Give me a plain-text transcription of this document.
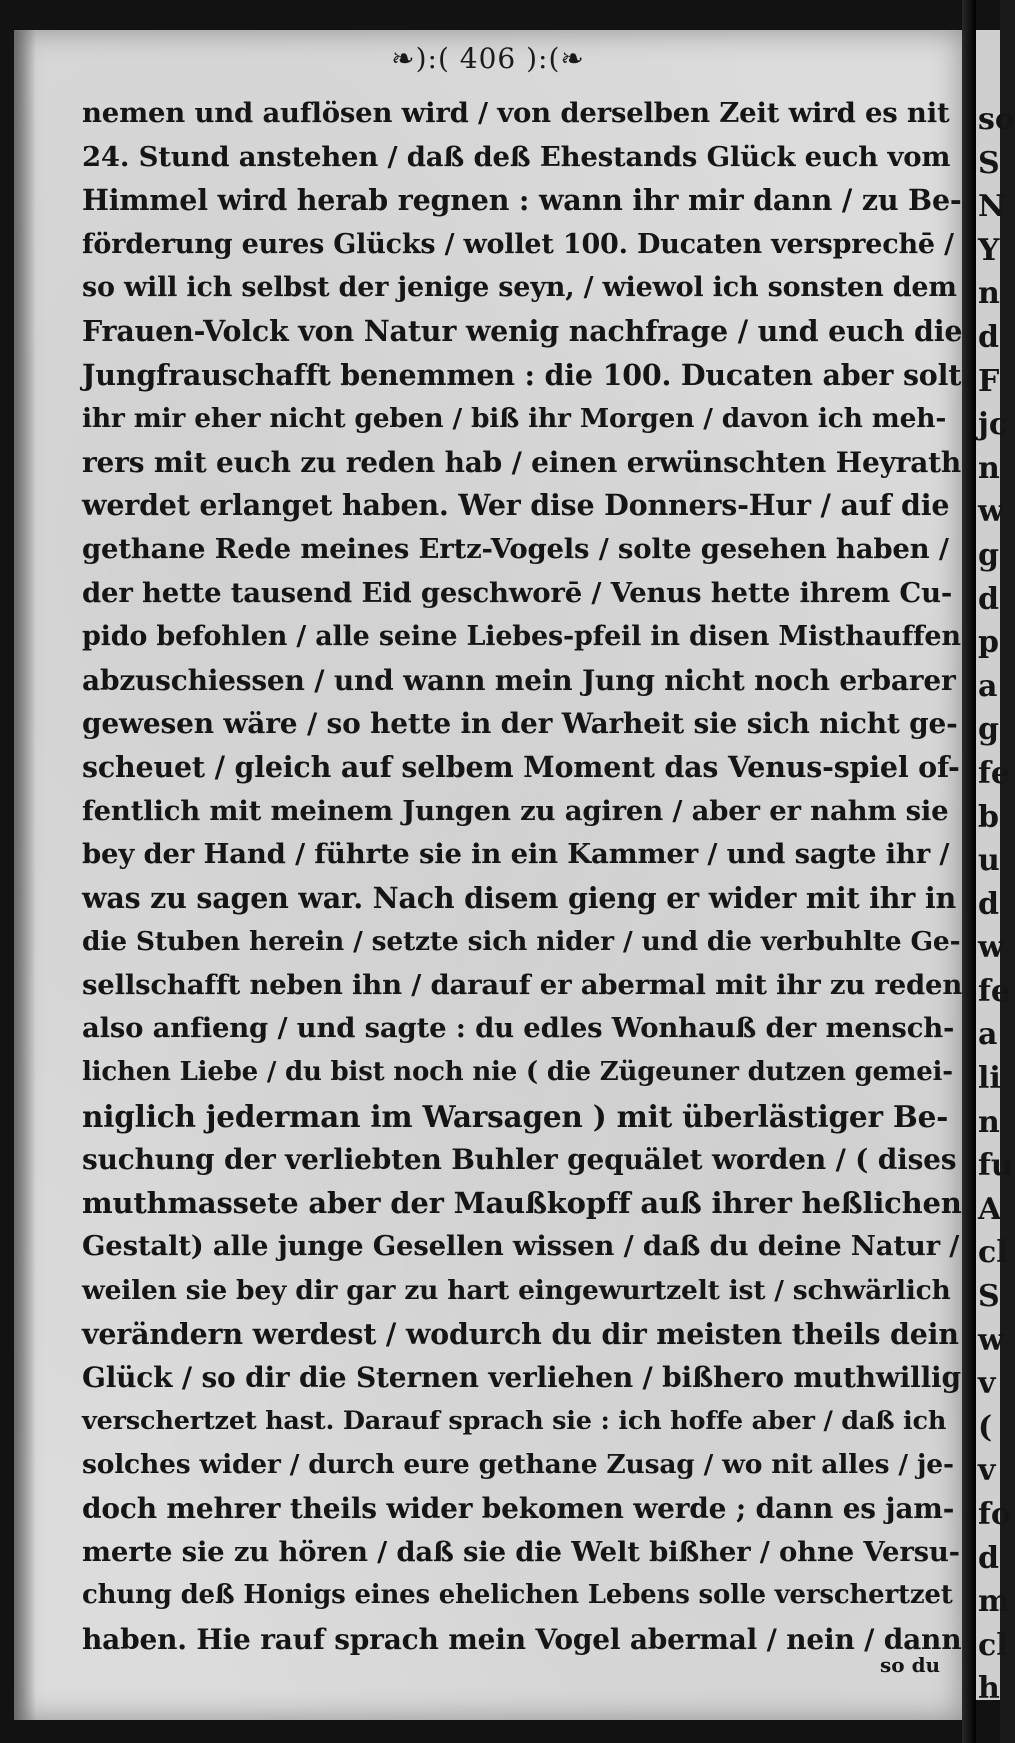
❧):( 406 ):(❧
nemen und auflösen wird / von derselben Zeit wird es nit
24. Stund anstehen / daß deß Ehestands Glück euch vom
Himmel wird herab regnen : wann ihr mir dann / zu Be-
förderung eures Glücks / wollet 100. Ducaten versprechē /
so will ich selbst der jenige seyn, / wiewol ich sonsten dem
Frauen-Volck von Natur wenig nachfrage / und euch die
Jungfrauschafft benemmen : die 100. Ducaten aber solt
ihr mir eher nicht geben / biß ihr Morgen / davon ich meh-
rers mit euch zu reden hab / einen erwünschten Heyrath
werdet erlanget haben. Wer dise Donners-Hur / auf die
gethane Rede meines Ertz-Vogels / solte gesehen haben /
der hette tausend Eid geschworē / Venus hette ihrem Cu-
pido befohlen / alle seine Liebes-pfeil in disen Misthauffen
abzuschiessen / und wann mein Jung nicht noch erbarer
gewesen wäre / so hette in der Warheit sie sich nicht ge-
scheuet / gleich auf selbem Moment das Venus-spiel of-
fentlich mit meinem Jungen zu agiren / aber er nahm sie
bey der Hand / führte sie in ein Kammer / und sagte ihr /
was zu sagen war. Nach disem gieng er wider mit ihr in
die Stuben herein / setzte sich nider / und die verbuhlte Ge-
sellschafft neben ihn / darauf er abermal mit ihr zu reden
also anfieng / und sagte : du edles Wonhauß der mensch-
lichen Liebe / du bist noch nie ( die Zügeuner dutzen gemei-
niglich jederman im Warsagen ) mit überlästiger Be-
suchung der verliebten Buhler gequälet worden / ( dises
muthmassete aber der Maußkopff auß ihrer heßlichen
Gestalt) alle junge Gesellen wissen / daß du deine Natur /
weilen sie bey dir gar zu hart eingewurtzelt ist / schwärlich
verändern werdest / wodurch du dir meisten theils dein
Glück / so dir die Sternen verliehen / bißhero muthwillig
verschertzet hast. Darauf sprach sie : ich hoffe aber / daß ich
solches wider / durch eure gethane Zusag / wo nit alles / je-
doch mehrer theils wider bekomen werde ; dann es jam-
merte sie zu hören / daß sie die Welt bißher / ohne Versu-
chung deß Honigs eines ehelichen Lebens solle verschertzet
haben. Hie rauf sprach mein Vogel abermal / nein / dann
so du
so
S
N
Y
n
d
F
jc
n
w
g
d
p
a
g
fe
b
u
d
w
fe
a
li
n
fu
A
cl
S
w
v
(
v
fo
d
m
cl
h
